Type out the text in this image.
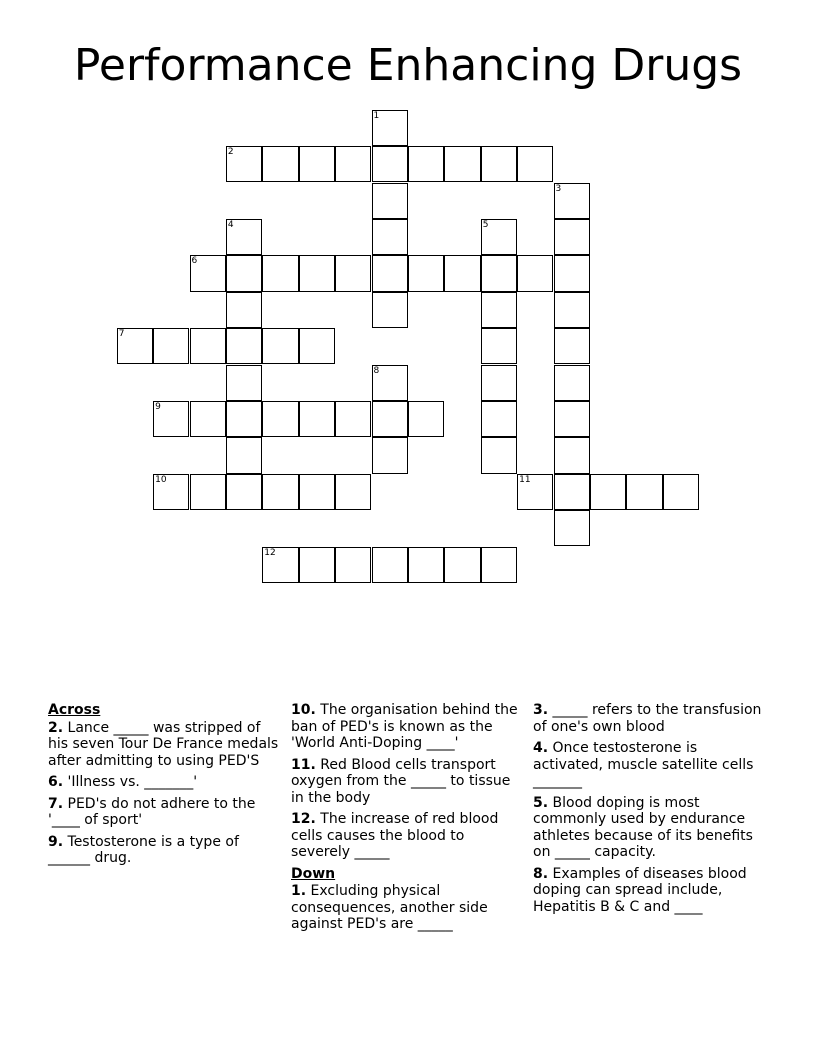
Performance Enhancing Drugs
1
2
3
4	5
6
7
8
9
10	11
12
Across
2. Lance _____ was stripped of his seven Tour De France medals after admitting to using PED'S
6. 'Illness vs. _______'
7. PED's do not adhere to the '____ of sport'
9. Testosterone is a type of ______ drug.
10. The organisation behind the ban of PED's is known as the 'World Anti-Doping ____'
11. Red Blood cells transport oxygen from the _____ to tissue in the body
12. The increase of red blood cells causes the blood to severely _____
Down
1. Excluding physical consequences, another side against PED's are _____
3. _____ refers to the transfusion of one's own blood
4. Once testosterone is activated, muscle satellite cells _______
5. Blood doping is most commonly used by endurance athletes because of its benefits on _____ capacity.
8. Examples of diseases blood doping can spread include, Hepatitis B & C and ____
